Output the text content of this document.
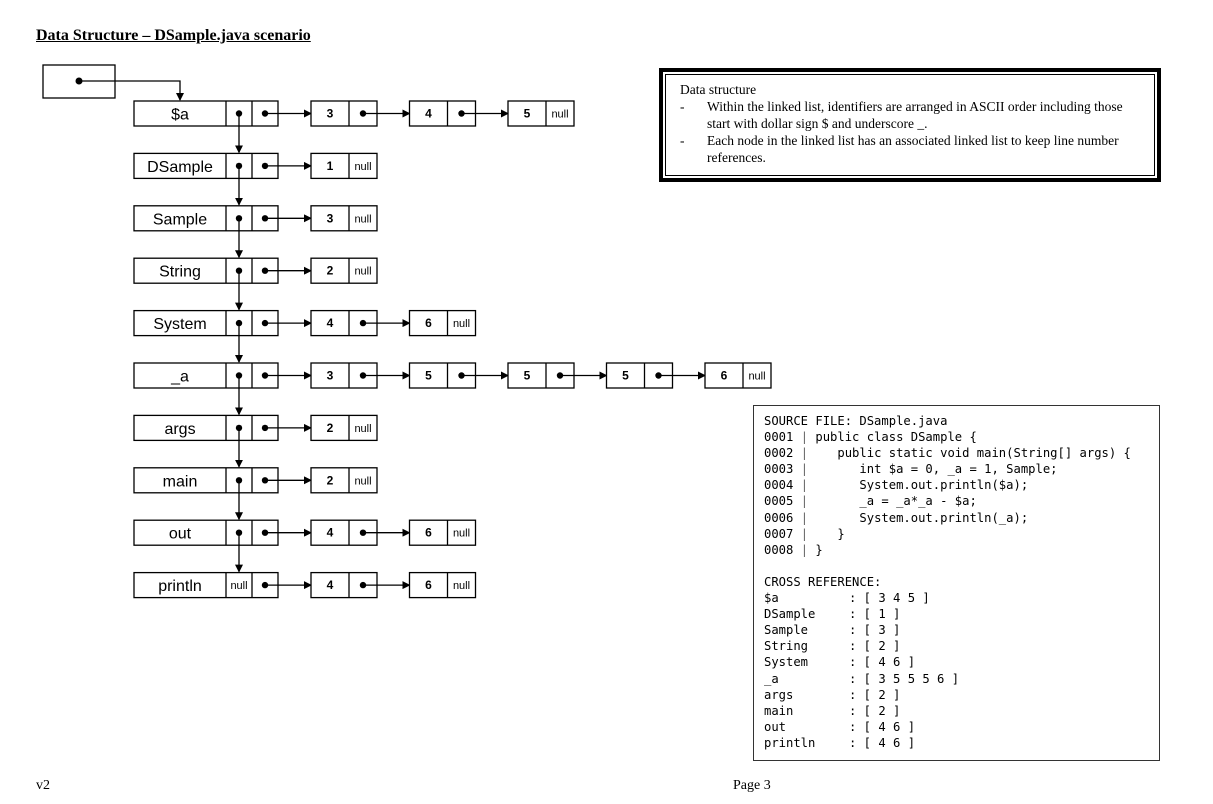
Data Structure – DSample.java scenario
$a	3	4	5 null
DSample	1 null
Sample	3 null
String	2 null
System	4	6 null
_a	3	5	5	5	6 null
args	2 null
main	2 null
out	4	6 null
println	null	4	6 null
Data structure
- Within the linked list, identifiers are arranged in ASCII order including those start with dollar sign $ and underscore _.
- Each node in the linked list has an associated linked list to keep line number references.
SOURCE FILE: DSample.java
0001 | public class DSample {
0002 |    public static void main(String[] args) {
0003 |       int $a = 0, _a = 1, Sample;
0004 |       System.out.println($a);
0005 |       _a = _a*_a - $a;
0006 |       System.out.println(_a);
0007 |    }
0008 | }
CROSS REFERENCE:
$a	: [ 3 4 5 ]
DSample	: [ 1 ]
Sample	: [ 3 ]
String	: [ 2 ]
System	: [ 4 6 ]
_a	: [ 3 5 5 5 6 ]
args	: [ 2 ]
main	: [ 2 ]
out	: [ 4 6 ]
println	: [ 4 6 ]
v2	Page 3
